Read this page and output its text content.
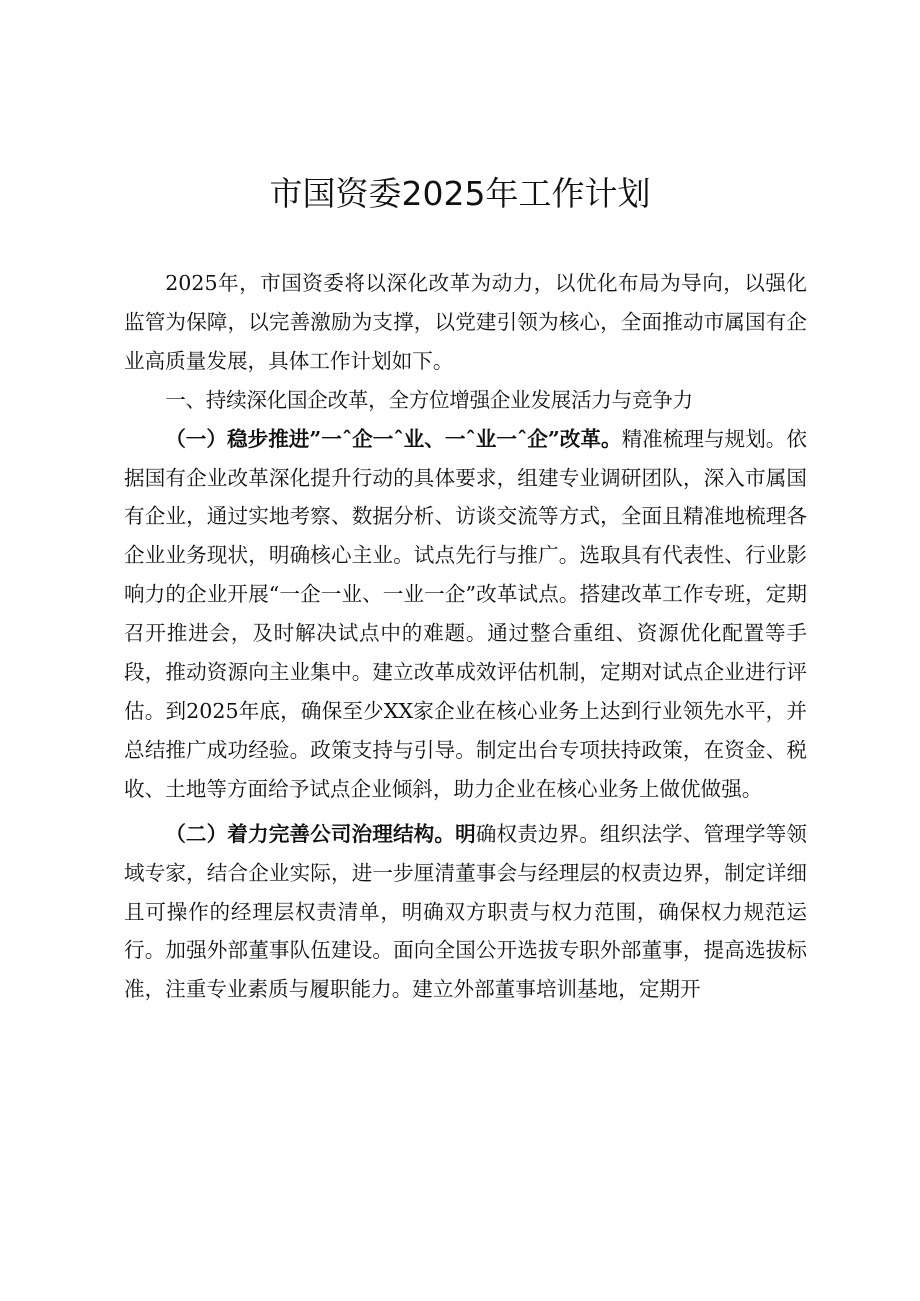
市国资委2025年工作计划

2025年，市国资委将以深化改革为动力，以优化布局为导向，以强化监管为保障，以完善激励为支撑，以党建引领为核心，全面推动市属国有企业高质量发展，具体工作计划如下。

一、持续深化国企改革，全方位增强企业发展活力与竞争力

（一）稳步推进”一ˆ企一ˆ业、一ˆ业一ˆ企”改革。精准梳理与规划。依据国有企业改革深化提升行动的具体要求，组建专业调研团队，深入市属国有企业，通过实地考察、数据分析、访谈交流等方式，全面且精准地梳理各企业业务现状，明确核心主业。试点先行与推广。选取具有代表性、行业影响力的企业开展“一企一业、一业一企”改革试点。搭建改革工作专班，定期召开推进会，及时解决试点中的难题。通过整合重组、资源优化配置等手段，推动资源向主业集中。建立改革成效评估机制，定期对试点企业进行评估。到2025年底，确保至少XX家企业在核心业务上达到行业领先水平，并总结推广成功经验。政策支持与引导。制定出台专项扶持政策，在资金、税收、土地等方面给予试点企业倾斜，助力企业在核心业务上做优做强。

（二）着力完善公司治理结构。明确权责边界。组织法学、管理学等领域专家，结合企业实际，进一步厘清董事会与经理层的权责边界，制定详细且可操作的经理层权责清单，明确双方职责与权力范围，确保权力规范运行。加强外部董事队伍建设。面向全国公开选拔专职外部董事，提高选拔标准，注重专业素质与履职能力。建立外部董事培训基地，定期开
